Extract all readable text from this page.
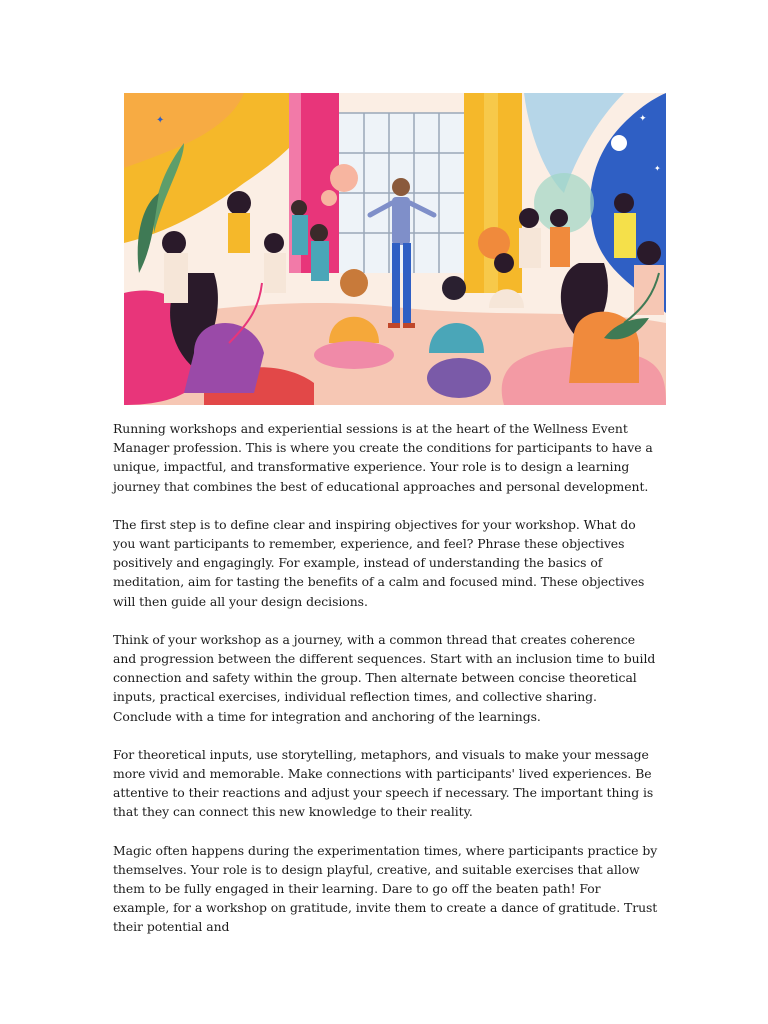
✦	✦
✦

Running workshops and experiential sessions is at the heart of the Wellness Event Manager profession. This is where you create the conditions for participants to have a unique, impactful, and transformative experience. Your role is to design a learning journey that combines the best of educational approaches and personal development.

The first step is to define clear and inspiring objectives for your workshop. What do you want participants to remember, experience, and feel? Phrase these objectives positively and engagingly. For example, instead of understanding the basics of meditation, aim for tasting the benefits of a calm and focused mind. These objectives will then guide all your design decisions.

Think of your workshop as a journey, with a common thread that creates coherence and progression between the different sequences. Start with an inclusion time to build connection and safety within the group. Then alternate between concise theoretical inputs, practical exercises, individual reflection times, and collective sharing. Conclude with a time for integration and anchoring of the learnings.

For theoretical inputs, use storytelling, metaphors, and visuals to make your message more vivid and memorable. Make connections with participants' lived experiences. Be attentive to their reactions and adjust your speech if necessary. The important thing is that they can connect this new knowledge to their reality.

Magic often happens during the experimentation times, where participants practice by themselves. Your role is to design playful, creative, and suitable exercises that allow them to be fully engaged in their learning. Dare to go off the beaten path! For example, for a workshop on gratitude, invite them to create a dance of gratitude. Trust their potential and
